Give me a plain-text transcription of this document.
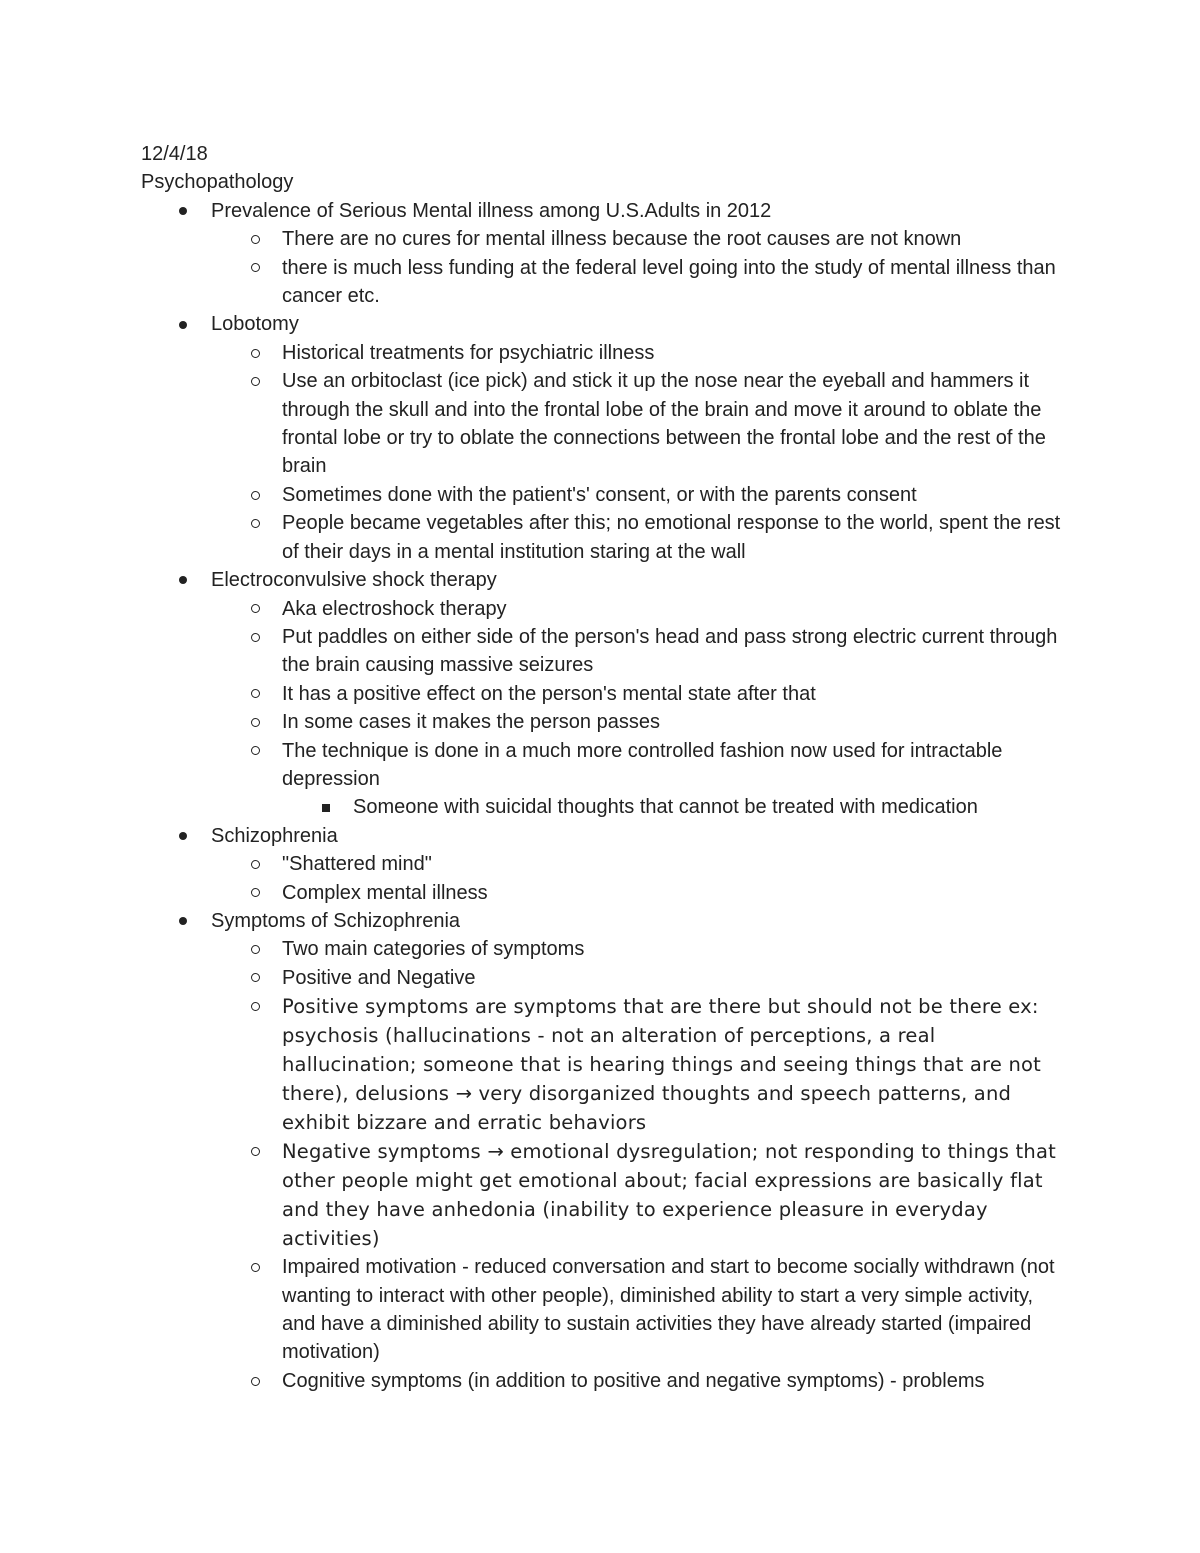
12/4/18

Psychopathology

Prevalence of Serious Mental illness among U.S.Adults in 2012
There are no cures for mental illness because the root causes are not known
there is much less funding at the federal level going into the study of mental illness than cancer etc.
Lobotomy
Historical treatments for psychiatric illness
Use an orbitoclast (ice pick) and stick it up the nose near the eyeball and hammers it through the skull and into the frontal lobe of the brain and move it around to oblate the frontal lobe or try to oblate the connections between the frontal lobe and the rest of the brain
Sometimes done with the patient's' consent, or with the parents consent
People became vegetables after this; no emotional response to the world, spent the rest of their days in a mental institution staring at the wall
Electroconvulsive shock therapy
Aka electroshock therapy
Put paddles on either side of the person's head and pass strong electric current through the brain causing massive seizures
It has a positive effect on the person's mental state after that
In some cases it makes the person passes
The technique is done in a much more controlled fashion now used for intractable depression
Someone with suicidal thoughts that cannot be treated with medication
Schizophrenia
"Shattered mind"
Complex mental illness
Symptoms of Schizophrenia
Two main categories of symptoms
Positive and Negative
Positive symptoms are symptoms that are there but should not be there ex: psychosis (hallucinations - not an alteration of perceptions, a real hallucination; someone that is hearing things and seeing things that are not there), delusions → very disorganized thoughts and speech patterns, and exhibit bizzare and erratic behaviors
Negative symptoms → emotional dysregulation; not responding to things that other people might get emotional about; facial expressions are basically flat and they have anhedonia (inability to experience pleasure in everyday activities)
Impaired motivation - reduced conversation and start to become socially withdrawn (not wanting to interact with other people), diminished ability to start a very simple activity, and have a diminished ability to sustain activities they have already started (impaired motivation)
Cognitive symptoms (in addition to positive and negative symptoms) - problems
